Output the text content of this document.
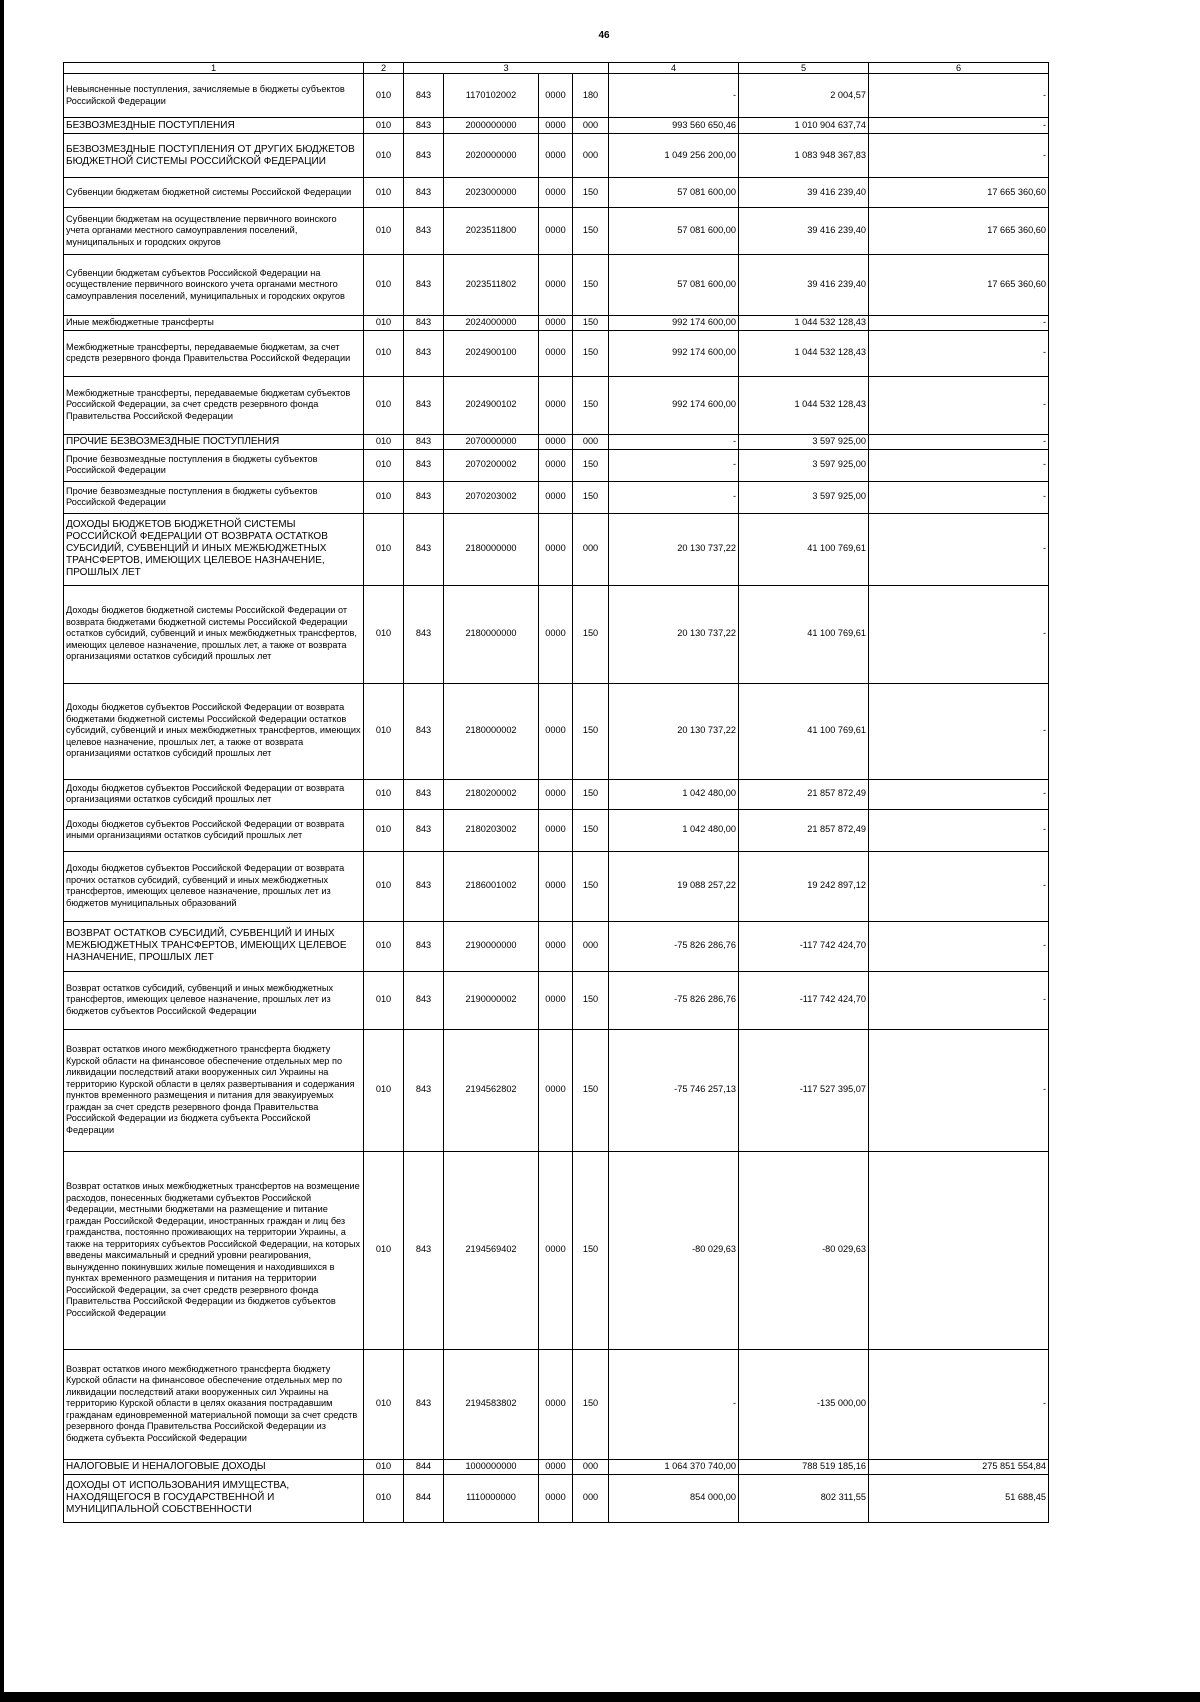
46
1	2	3				4	5	6
Невыясненные поступления, зачисляемые в бюджеты субъектов Российской Федерации	010	843	1170102002	0000	180	-	2 004,57	-
БЕЗВОЗМЕЗДНЫЕ ПОСТУПЛЕНИЯ	010	843	2000000000	0000	000	993 560 650,46	1 010 904 637,74	-
БЕЗВОЗМЕЗДНЫЕ ПОСТУПЛЕНИЯ ОТ ДРУГИХ БЮДЖЕТОВ БЮДЖЕТНОЙ СИСТЕМЫ РОССИЙСКОЙ ФЕДЕРАЦИИ	010	843	2020000000	0000	000	1 049 256 200,00	1 083 948 367,83	-
Субвенции бюджетам бюджетной системы Российской Федерации	010	843	2023000000	0000	150	57 081 600,00	39 416 239,40	17 665 360,60
Субвенции бюджетам на осуществление первичного воинского учета органами местного самоуправления поселений, муниципальных и городских округов	010	843	2023511800	0000	150	57 081 600,00	39 416 239,40	17 665 360,60
Субвенции бюджетам субъектов Российской Федерации на осуществление первичного воинского учета органами местного самоуправления поселений, муниципальных и городских округов	010	843	2023511802	0000	150	57 081 600,00	39 416 239,40	17 665 360,60
Иные межбюджетные трансферты	010	843	2024000000	0000	150	992 174 600,00	1 044 532 128,43	-
Межбюджетные трансферты, передаваемые бюджетам, за счет средств резервного фонда Правительства Российской Федерации	010	843	2024900100	0000	150	992 174 600,00	1 044 532 128,43	-
Межбюджетные трансферты, передаваемые бюджетам субъектов Российской Федерации, за счет средств резервного фонда Правительства Российской Федерации	010	843	2024900102	0000	150	992 174 600,00	1 044 532 128,43	-
ПРОЧИЕ БЕЗВОЗМЕЗДНЫЕ ПОСТУПЛЕНИЯ	010	843	2070000000	0000	000	-	3 597 925,00	-
Прочие безвозмездные поступления в бюджеты субъектов Российской Федерации	010	843	2070200002	0000	150	-	3 597 925,00	-
Прочие безвозмездные поступления в бюджеты субъектов Российской Федерации	010	843	2070203002	0000	150	-	3 597 925,00	-
ДОХОДЫ БЮДЖЕТОВ БЮДЖЕТНОЙ СИСТЕМЫ РОССИЙСКОЙ ФЕДЕРАЦИИ ОТ ВОЗВРАТА ОСТАТКОВ СУБСИДИЙ, СУБВЕНЦИЙ И ИНЫХ МЕЖБЮДЖЕТНЫХ ТРАНСФЕРТОВ, ИМЕЮЩИХ ЦЕЛЕВОЕ НАЗНАЧЕНИЕ, ПРОШЛЫХ ЛЕТ	010	843	2180000000	0000	000	20 130 737,22	41 100 769,61	-
Доходы бюджетов бюджетной системы Российской Федерации от возврата бюджетами бюджетной системы Российской Федерации остатков субсидий, субвенций и иных межбюджетных трансфертов, имеющих целевое назначение, прошлых лет, а также от возврата организациями остатков субсидий прошлых лет	010	843	2180000000	0000	150	20 130 737,22	41 100 769,61	-
Доходы бюджетов субъектов Российской Федерации от возврата бюджетами бюджетной системы Российской Федерации остатков субсидий, субвенций и иных межбюджетных трансфертов, имеющих целевое назначение, прошлых лет, а также от возврата организациями остатков субсидий прошлых лет	010	843	2180000002	0000	150	20 130 737,22	41 100 769,61	-
Доходы бюджетов субъектов Российской Федерации от возврата организациями остатков субсидий прошлых лет	010	843	2180200002	0000	150	1 042 480,00	21 857 872,49	-
Доходы бюджетов субъектов Российской Федерации от возврата иными организациями остатков субсидий прошлых лет	010	843	2180203002	0000	150	1 042 480,00	21 857 872,49	-
Доходы бюджетов субъектов Российской Федерации от возврата прочих остатков субсидий, субвенций и иных межбюджетных трансфертов, имеющих целевое назначение, прошлых лет из бюджетов муниципальных образований	010	843	2186001002	0000	150	19 088 257,22	19 242 897,12	-
ВОЗВРАТ ОСТАТКОВ СУБСИДИЙ, СУБВЕНЦИЙ И ИНЫХ МЕЖБЮДЖЕТНЫХ ТРАНСФЕРТОВ, ИМЕЮЩИХ ЦЕЛЕВОЕ НАЗНАЧЕНИЕ, ПРОШЛЫХ ЛЕТ	010	843	2190000000	0000	000	-75 826 286,76	-117 742 424,70	-
Возврат остатков субсидий, субвенций и иных межбюджетных трансфертов, имеющих целевое назначение, прошлых лет из бюджетов субъектов Российской Федерации	010	843	2190000002	0000	150	-75 826 286,76	-117 742 424,70	-
Возврат остатков иного межбюджетного трансферта бюджету Курской области на финансовое обеспечение отдельных мер по ликвидации последствий атаки вооруженных сил Украины на территорию Курской области в целях развертывания и содержания пунктов временного размещения и питания для эвакуируемых граждан за счет средств резервного фонда Правительства Российской Федерации из бюджета субъекта Российской Федерации	010	843	2194562802	0000	150	-75 746 257,13	-117 527 395,07	-
Возврат остатков иных межбюджетных трансфертов на возмещение расходов, понесенных бюджетами субъектов Российской Федерации, местными бюджетами на размещение и питание граждан Российской Федерации, иностранных граждан и лиц без гражданства, постоянно проживающих на территории Украины, а также на территориях субъектов Российской Федерации, на которых введены максимальный и средний уровни реагирования, вынужденно покинувших жилые помещения и находившихся в пунктах временного размещения и питания на территории Российской Федерации, за счет средств резервного фонда Правительства Российской Федерации из бюджетов субъектов Российской Федерации	010	843	2194569402	0000	150	-80 029,63	-80 029,63	
Возврат остатков иного межбюджетного трансферта бюджету Курской области на финансовое обеспечение отдельных мер по ликвидации последствий атаки вооруженных сил Украины на территорию Курской области в целях оказания пострадавшим гражданам единовременной материальной помощи за счет средств резервного фонда Правительства Российской Федерации из бюджета субъекта Российской Федерации	010	843	2194583802	0000	150	-	-135 000,00	-
НАЛОГОВЫЕ И НЕНАЛОГОВЫЕ ДОХОДЫ	010	844	1000000000	0000	000	1 064 370 740,00	788 519 185,16	275 851 554,84
ДОХОДЫ ОТ ИСПОЛЬЗОВАНИЯ ИМУЩЕСТВА, НАХОДЯЩЕГОСЯ В ГОСУДАРСТВЕННОЙ И МУНИЦИПАЛЬНОЙ СОБСТВЕННОСТИ	010	844	1110000000	0000	000	854 000,00	802 311,55	51 688,45
